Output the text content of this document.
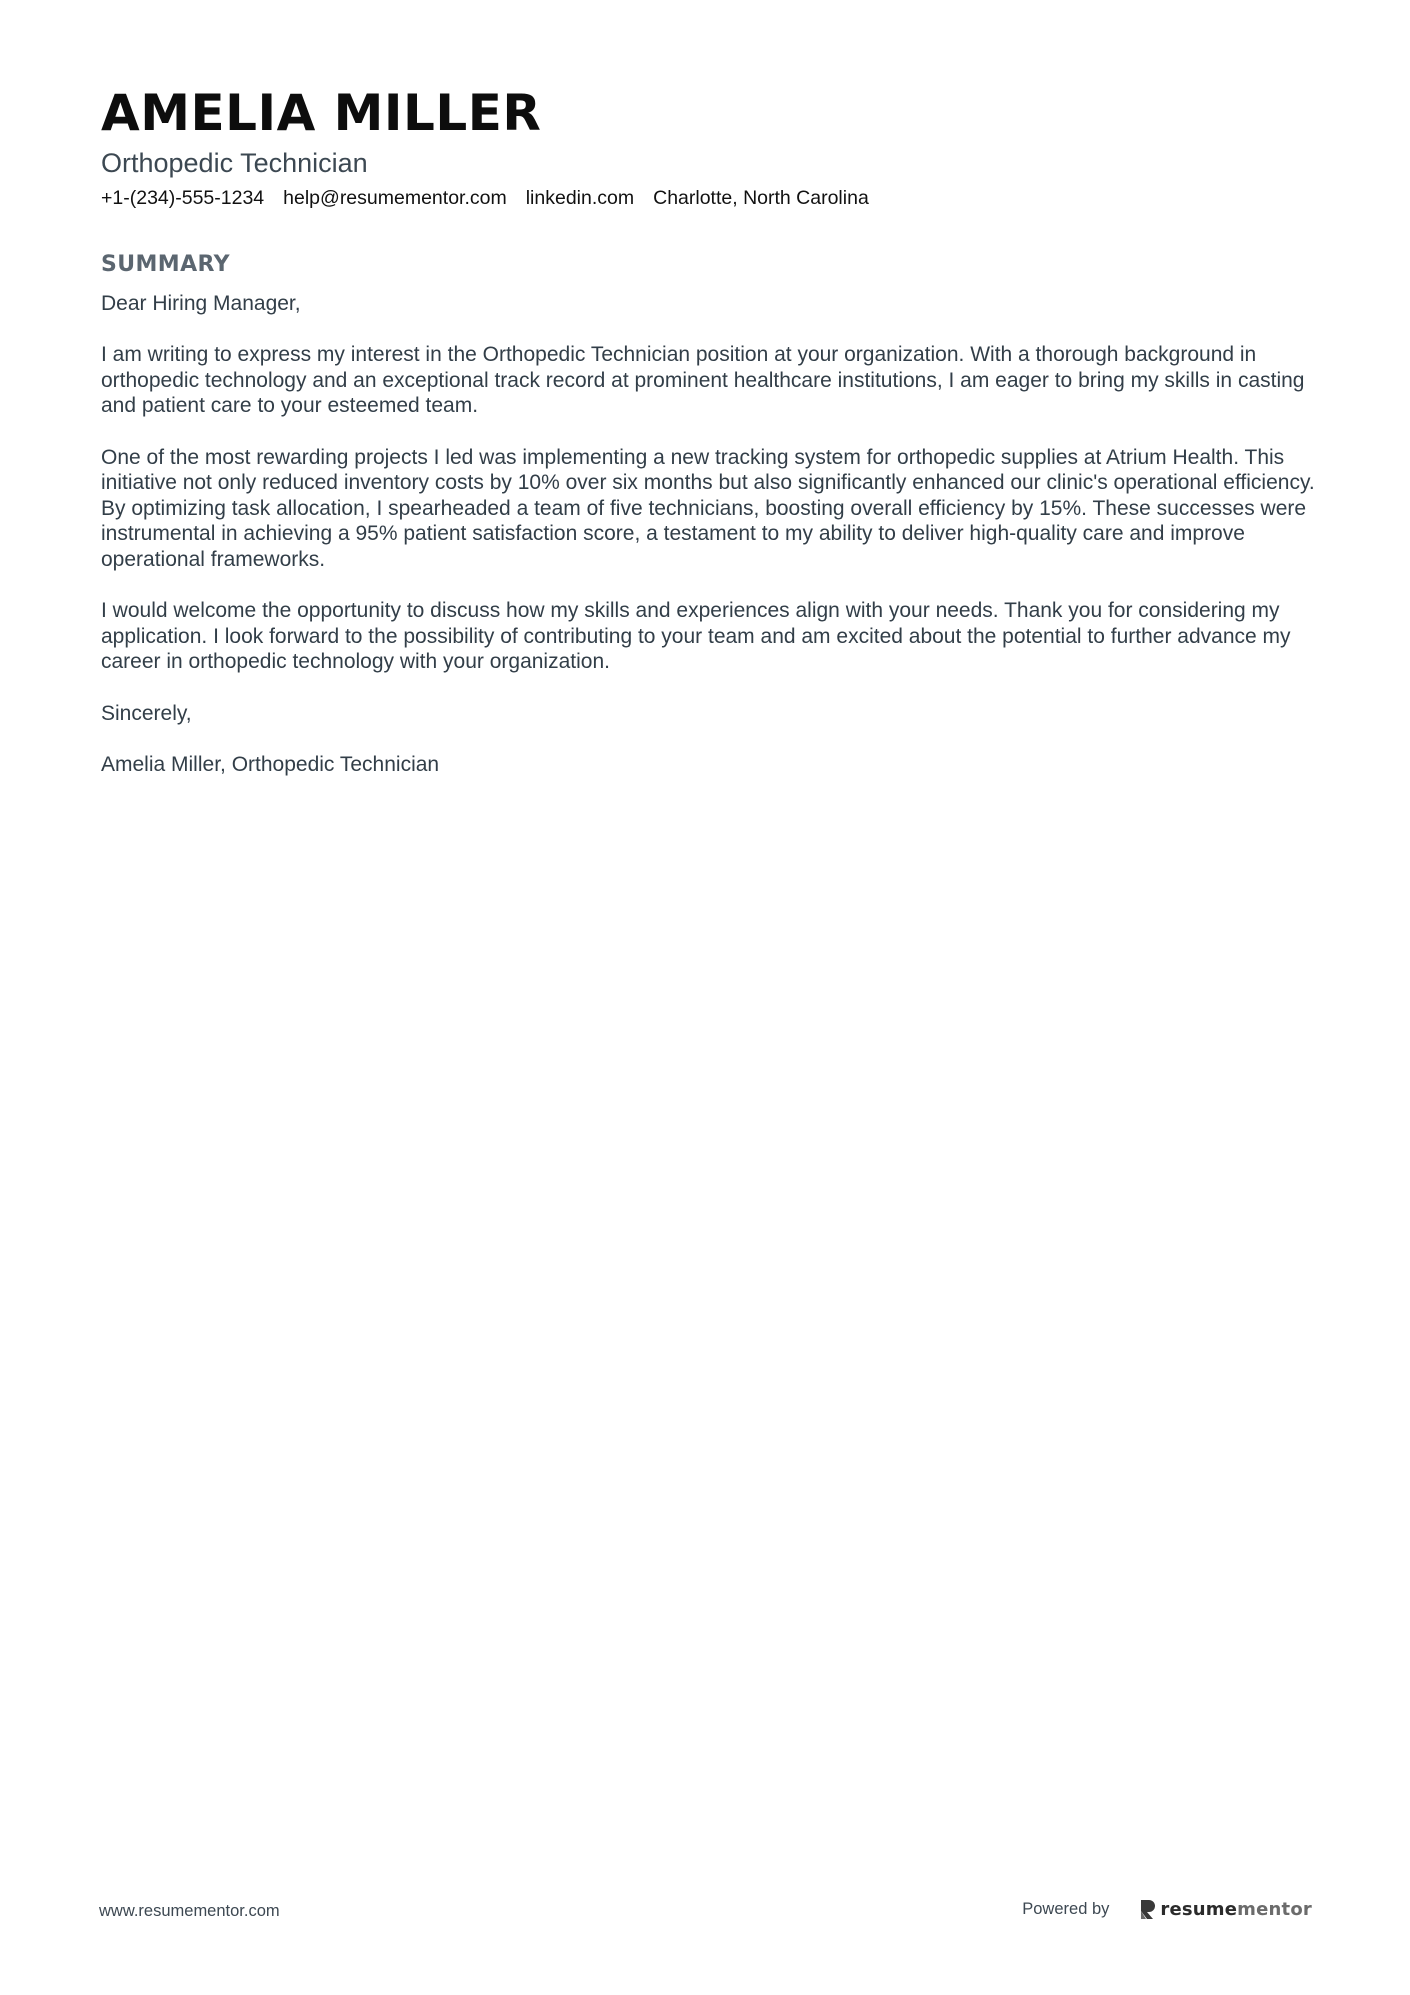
AMELIA MILLER
Orthopedic Technician
+1-(234)-555-1234 help@resumementor.com linkedin.com Charlotte, North Carolina
SUMMARY

Dear Hiring Manager,

I am writing to express my interest in the Orthopedic Technician position at your organization. With a thorough background in orthopedic technology and an exceptional track record at prominent healthcare institutions, I am eager to bring my skills in casting and patient care to your esteemed team.

One of the most rewarding projects I led was implementing a new tracking system for orthopedic supplies at Atrium Health. This initiative not only reduced inventory costs by 10% over six months but also significantly enhanced our clinic's operational efficiency. By optimizing task allocation, I spearheaded a team of five technicians, boosting overall efficiency by 15%. These successes were instrumental in achieving a 95% patient satisfaction score, a testament to my ability to deliver high-quality care and improve operational frameworks.

I would welcome the opportunity to discuss how my skills and experiences align with your needs. Thank you for considering my application. I look forward to the possibility of contributing to your team and am excited about the potential to further advance my career in orthopedic technology with your organization.

Sincerely,

Amelia Miller, Orthopedic Technician

www.resumementor.com	Powered by	resumementor
